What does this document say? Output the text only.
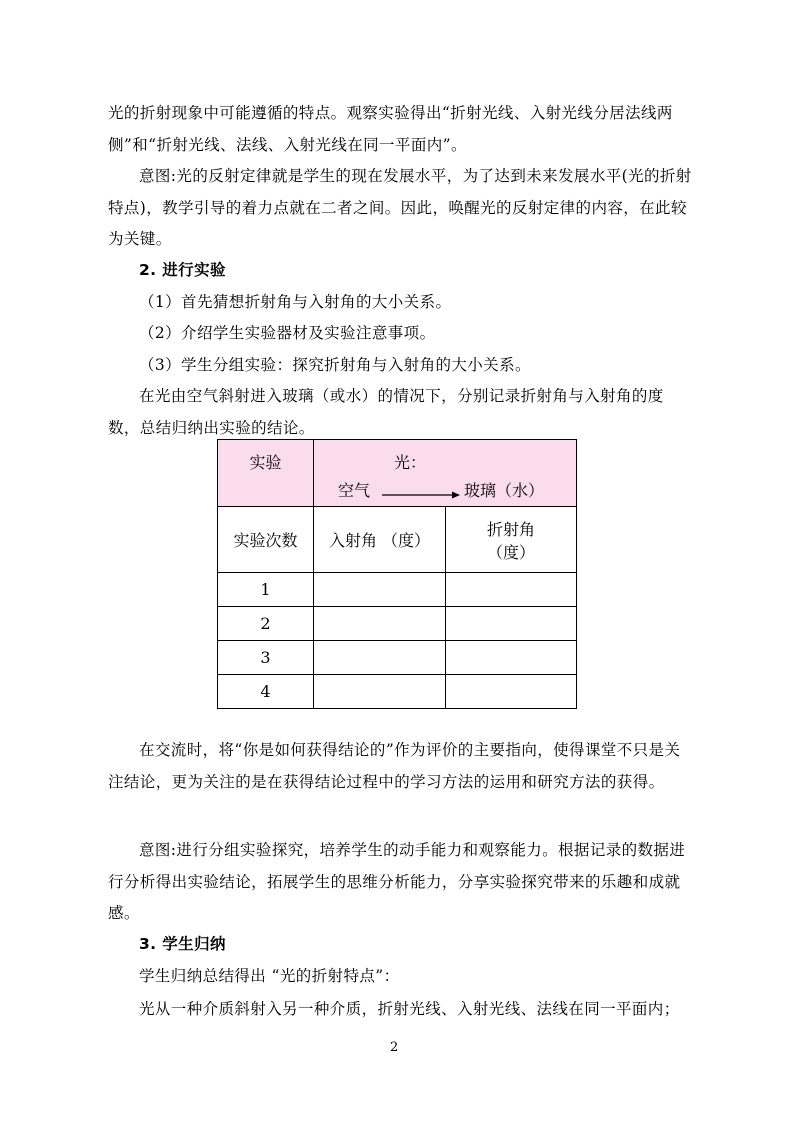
光的折射现象中可能遵循的特点。观察实验得出“折射光线、入射光线分居法线两侧”和“折射光线、法线、入射光线在同一平面内”。

意图:光的反射定律就是学生的现在发展水平，为了达到未来发展水平(光的折射特点)，教学引导的着力点就在二者之间。因此，唤醒光的反射定律的内容，在此较为关键。

2. 进行实验

（1）首先猜想折射角与入射角的大小关系。

（2）介绍学生实验器材及实验注意事项。

（3）学生分组实验：探究折射角与入射角的大小关系。

在光由空气斜射进入玻璃（或水）的情况下，分别记录折射角与入射角的度数，总结归纳出实验的结论。

实验	光：
空气 玻璃（水）	

实验次数	入射角 （度）	折射角
（度）

1		
2		
3		
4		

在交流时，将“你是如何获得结论的”作为评价的主要指向，使得课堂不只是关注结论，更为关注的是在获得结论过程中的学习方法的运用和研究方法的获得。

意图:进行分组实验探究，培养学生的动手能力和观察能力。根据记录的数据进行分析得出实验结论，拓展学生的思维分析能力，分享实验探究带来的乐趣和成就感。

3. 学生归纳

学生归纳总结得出 “光的折射特点”：

光从一种介质斜射入另一种介质，折射光线、入射光线、法线在同一平面内；

2
